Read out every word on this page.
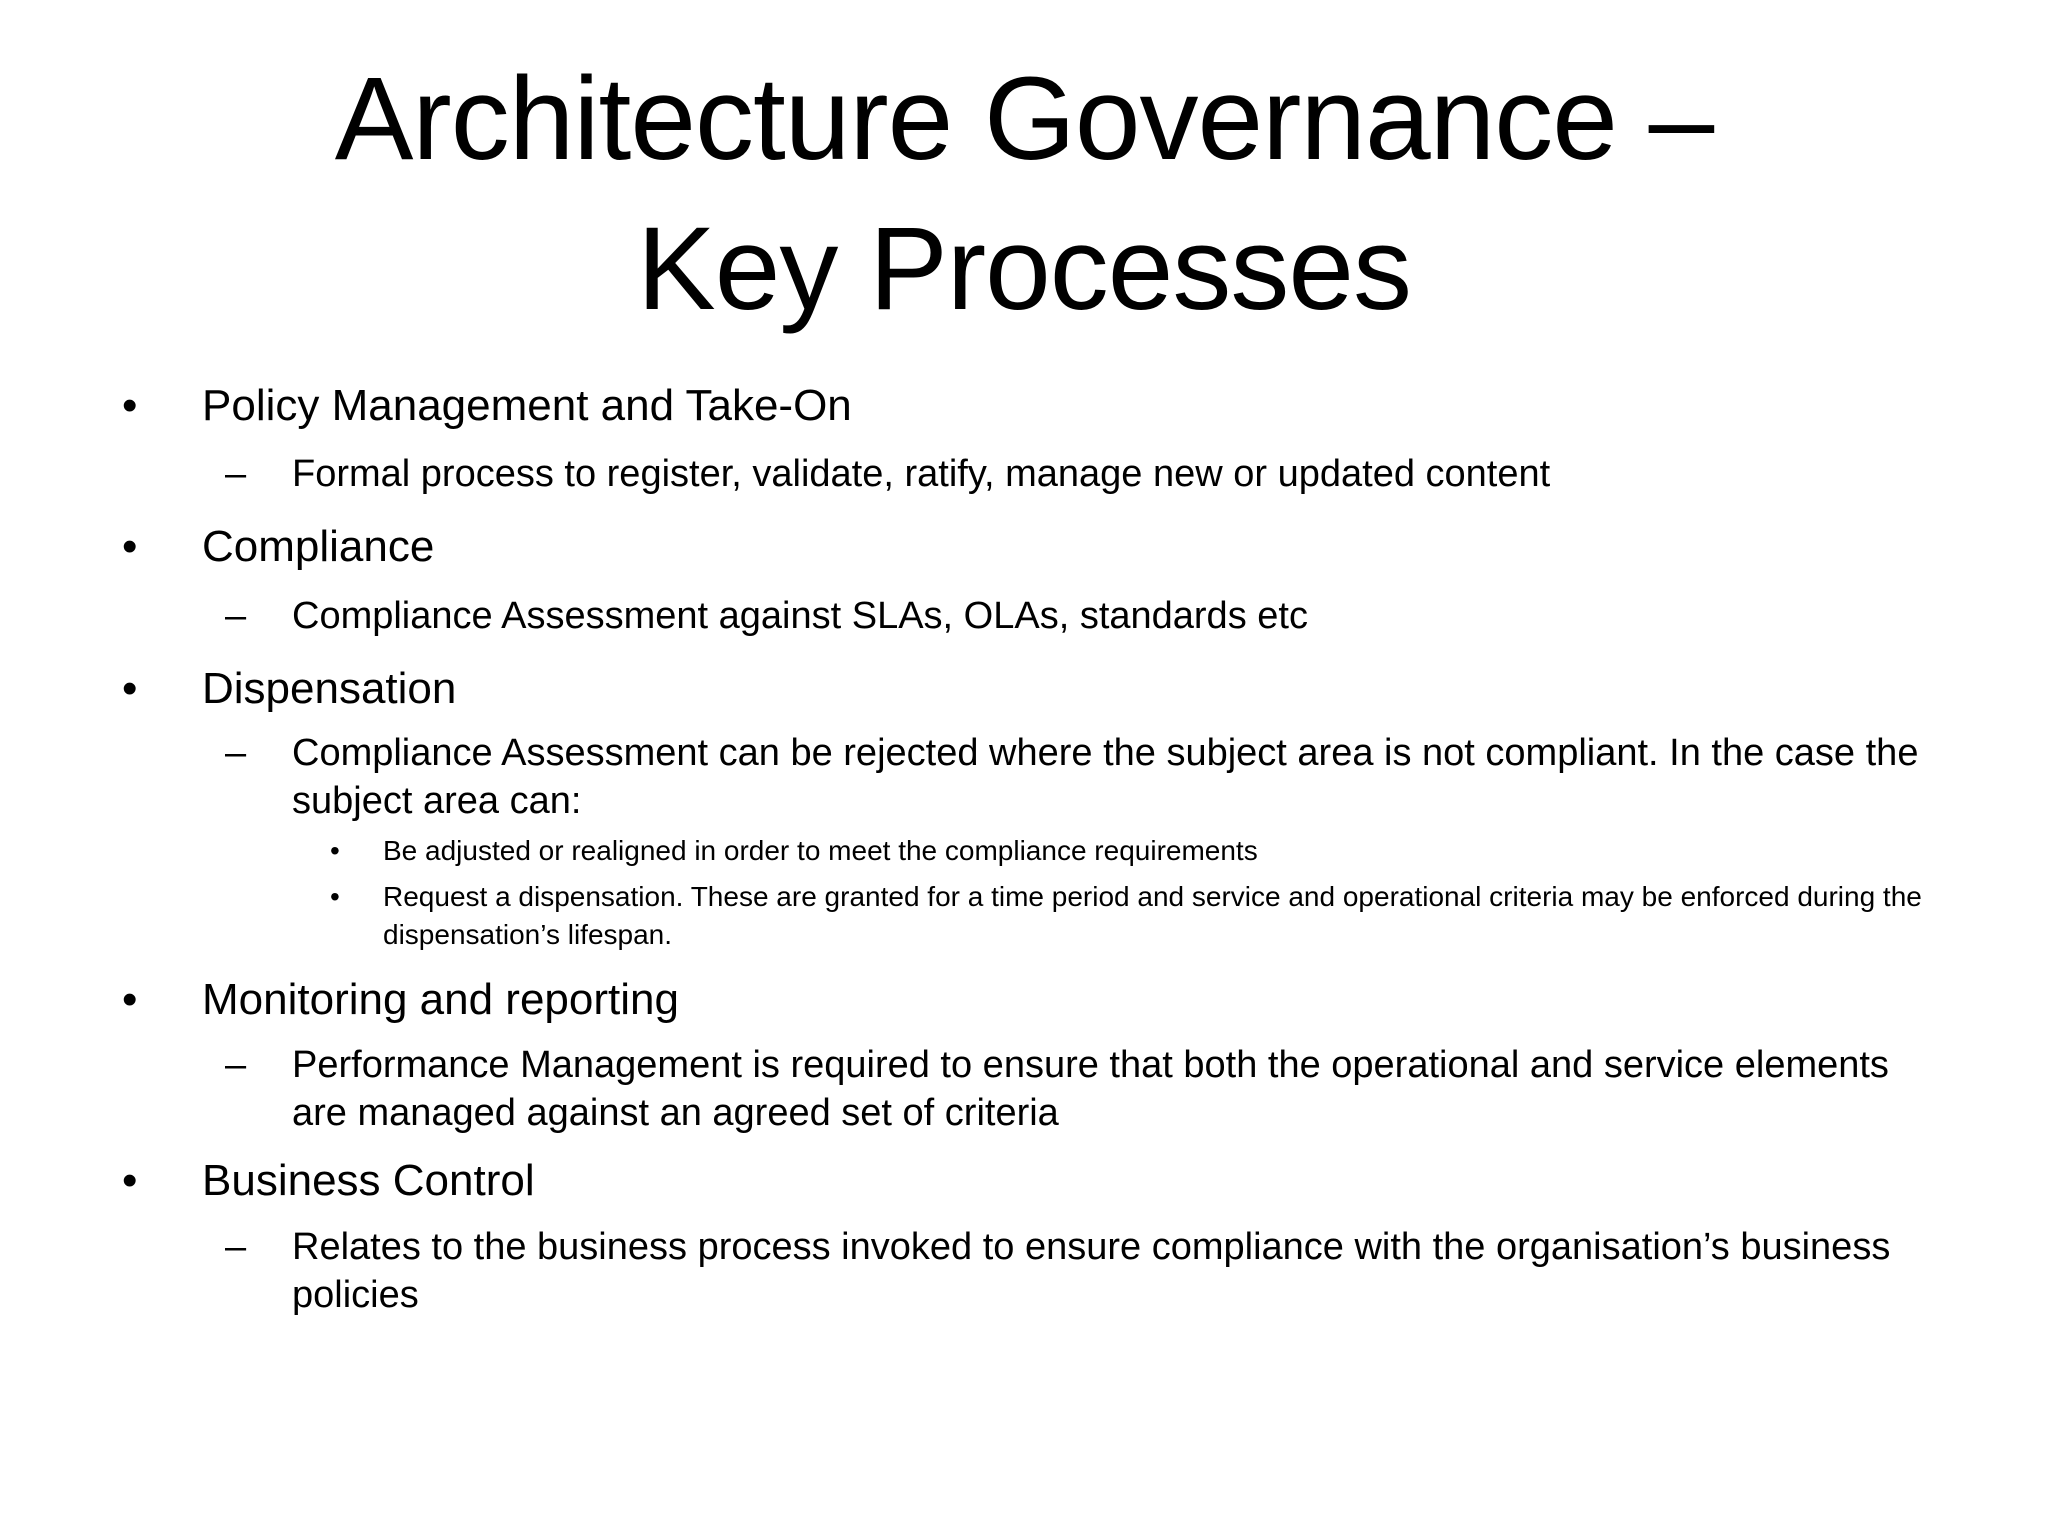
Architecture Governance –
Key Processes
• Policy Management and Take-On
– Formal process to register, validate, ratify, manage new or updated content
• Compliance
– Compliance Assessment against SLAs, OLAs, standards etc
• Dispensation
– Compliance Assessment can be rejected where the subject area is not compliant. In the case the subject area can:
• Be adjusted or realigned in order to meet the compliance requirements
• Request a dispensation. These are granted for a time period and service and operational criteria may be enforced during the dispensation’s lifespan.
• Monitoring and reporting
– Performance Management is required to ensure that both the operational and service elements are managed against an agreed set of criteria
• Business Control
– Relates to the business process invoked to ensure compliance with the organisation’s business policies
